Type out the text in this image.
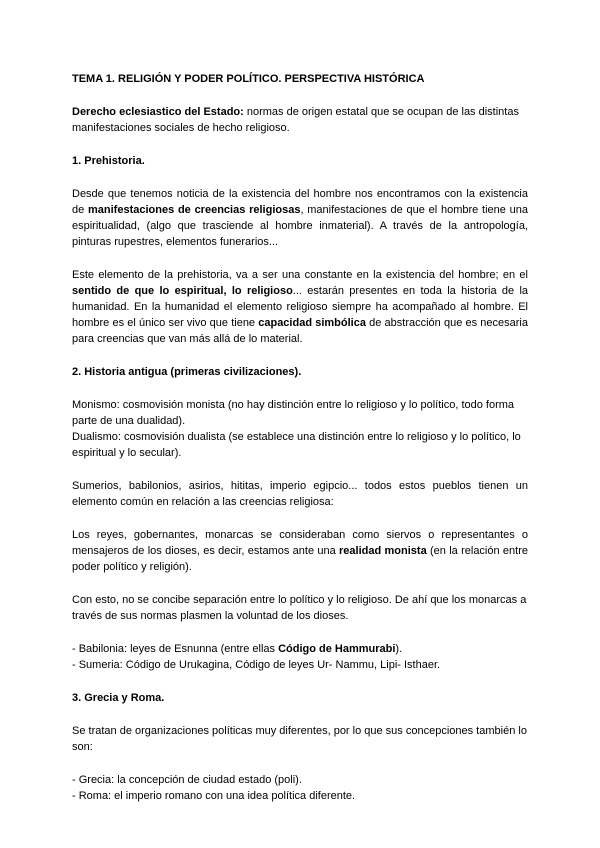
TEMA 1. RELIGIÓN Y PODER POLÍTICO. PERSPECTIVA HISTÓRICA

Derecho eclesiastico del Estado: normas de origen estatal que se ocupan de las distintas manifestaciones sociales de hecho religioso.

1. Prehistoria.

Desde que tenemos noticia de la existencia del hombre nos encontramos con la existencia de manifestaciones de creencias religiosas, manifestaciones de que el hombre tiene una espiritualidad, (algo que trasciende al hombre inmaterial). A través de la antropología, pinturas rupestres, elementos funerarios...

Este elemento de la prehistoria, va a ser una constante en la existencia del hombre; en el sentido de que lo espiritual, lo religioso... estarán presentes en toda la historia de la humanidad. En la humanidad el elemento religioso siempre ha acompañado al hombre. El hombre es el único ser vivo que tiene capacidad simbólica de abstracción que es necesaria para creencias que van más allá de lo material.

2. Historia antigua (primeras civilizaciones).

Monismo: cosmovisión monista (no hay distinción entre lo religioso y lo político, todo forma parte de una dualidad).

Dualismo: cosmovisión dualista (se establece una distinción entre lo religioso y lo político, lo espiritual y lo secular).

Sumerios, babilonios, asirios, hititas, imperio egipcio... todos estos pueblos tienen un elemento común en relación a las creencias religiosa:

Los reyes, gobernantes, monarcas se consideraban como siervos o representantes o mensajeros de los dioses, es decir, estamos ante una realidad monista (en la relación entre poder político y religión).

Con esto, no se concibe separación entre lo político y lo religioso. De ahí que los monarcas a través de sus normas plasmen la voluntad de los dioses.

- Babilonia: leyes de Esnunna (entre ellas Código de Hammurabi).

- Sumeria: Código de Urukagina, Código de leyes Ur- Nammu, Lipi- Isthaer.

3. Grecia y Roma.

Se tratan de organizaciones políticas muy diferentes, por lo que sus concepciones también lo son:

- Grecia: la concepción de ciudad estado (poli).

- Roma: el imperio romano con una idea política diferente.
